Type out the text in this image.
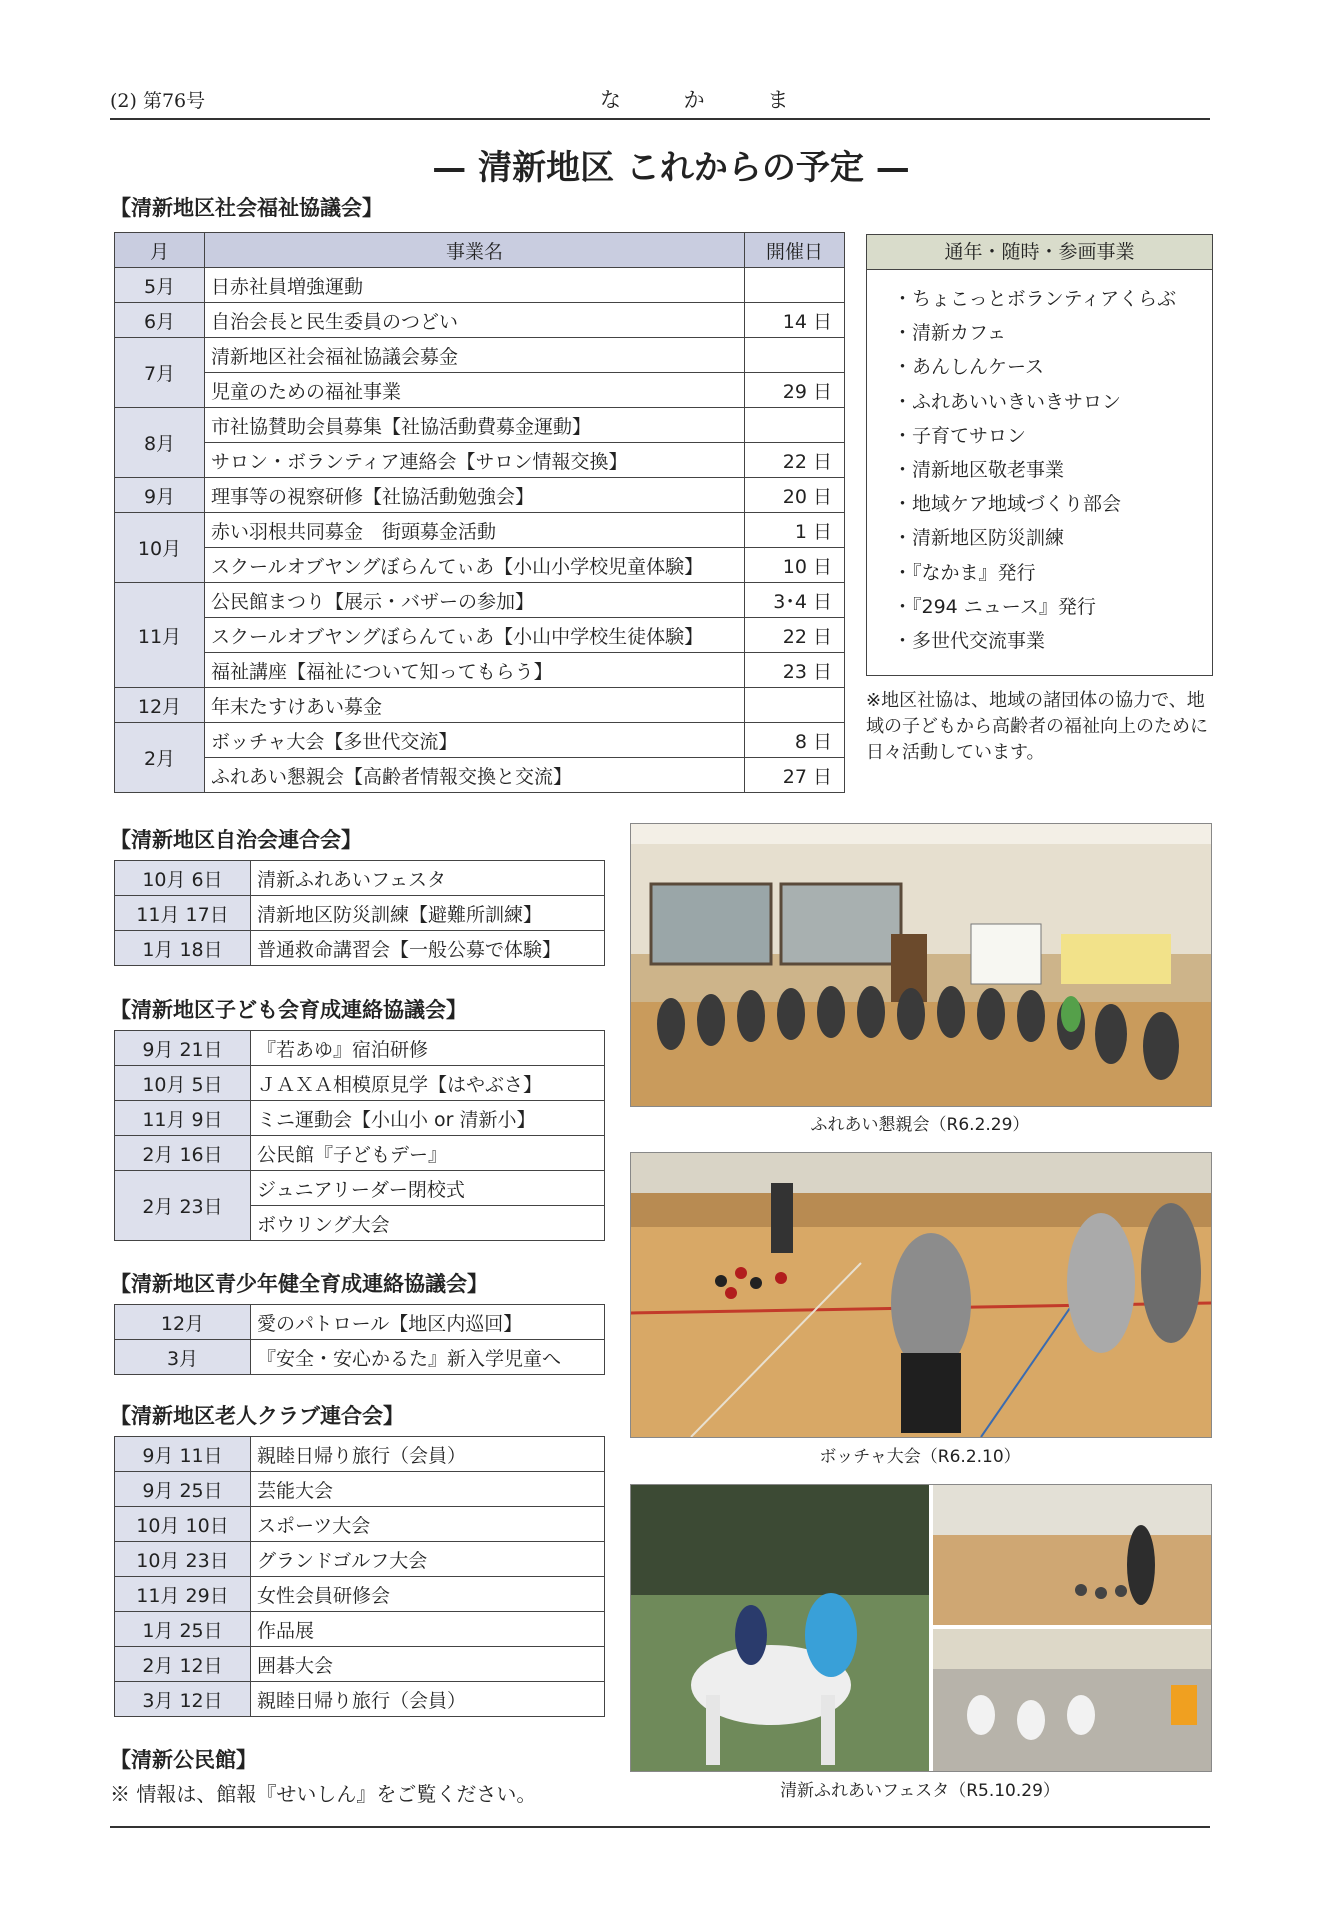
(2) 第76号	な か ま
— 清新地区 これからの予定 —
【清新地区社会福祉協議会】
月	事業名	開催日
5月	日赤社員増強運動	
6月	自治会長と民生委員のつどい	14 日
7月	清新地区社会福祉協議会募金	
	児童のための福祉事業	29 日
8月	市社協賛助会員募集【社協活動費募金運動】	
	サロン・ボランティア連絡会【サロン情報交換】	22 日
9月	理事等の視察研修【社協活動勉強会】	20 日
10月	赤い羽根共同募金　街頭募金活動	1 日
	スクールオブヤングぼらんてぃあ【小山小学校児童体験】	10 日
11月	公民館まつり【展示・バザーの参加】	3･4 日
	スクールオブヤングぼらんてぃあ【小山中学校生徒体験】	22 日
	福祉講座【福祉について知ってもらう】	23 日
12月	年末たすけあい募金	
2月	ボッチャ大会【多世代交流】	8 日
	ふれあい懇親会【高齢者情報交換と交流】	27 日
通年・随時・参画事業
・ちょこっとボランティアくらぶ
・清新カフェ
・あんしんケース
・ふれあいいきいきサロン
・子育てサロン
・清新地区敬老事業
・地域ケア地域づくり部会
・清新地区防災訓練
・『なかま』発行
・『294 ニュース』発行
・多世代交流事業
※地区社協は、地域の諸団体の協力で、地域の子どもから高齢者の福祉向上のために日々活動しています。
【清新地区自治会連合会】
10月 6日	清新ふれあいフェスタ
11月 17日	清新地区防災訓練【避難所訓練】
1月 18日	普通救命講習会【一般公募で体験】
【清新地区子ども会育成連絡協議会】
9月 21日	『若あゆ』宿泊研修
10月 5日	ＪＡＸＡ相模原見学【はやぶさ】
11月 9日	ミニ運動会【小山小 or 清新小】
2月 16日	公民館『子どもデー』
2月 23日	ジュニアリーダー閉校式
	ボウリング大会
【清新地区青少年健全育成連絡協議会】
12月	愛のパトロール【地区内巡回】
3月	『安全・安心かるた』新入学児童へ
【清新地区老人クラブ連合会】
9月 11日	親睦日帰り旅行（会員）
9月 25日	芸能大会
10月 10日	スポーツ大会
10月 23日	グランドゴルフ大会
11月 29日	女性会員研修会
1月 25日	作品展
2月 12日	囲碁大会
3月 12日	親睦日帰り旅行（会員）
【清新公民館】
※ 情報は、館報『せいしん』をご覧ください。
ふれあい懇親会（R6.2.29）
ボッチャ大会（R6.2.10）
清新ふれあいフェスタ（R5.10.29）
